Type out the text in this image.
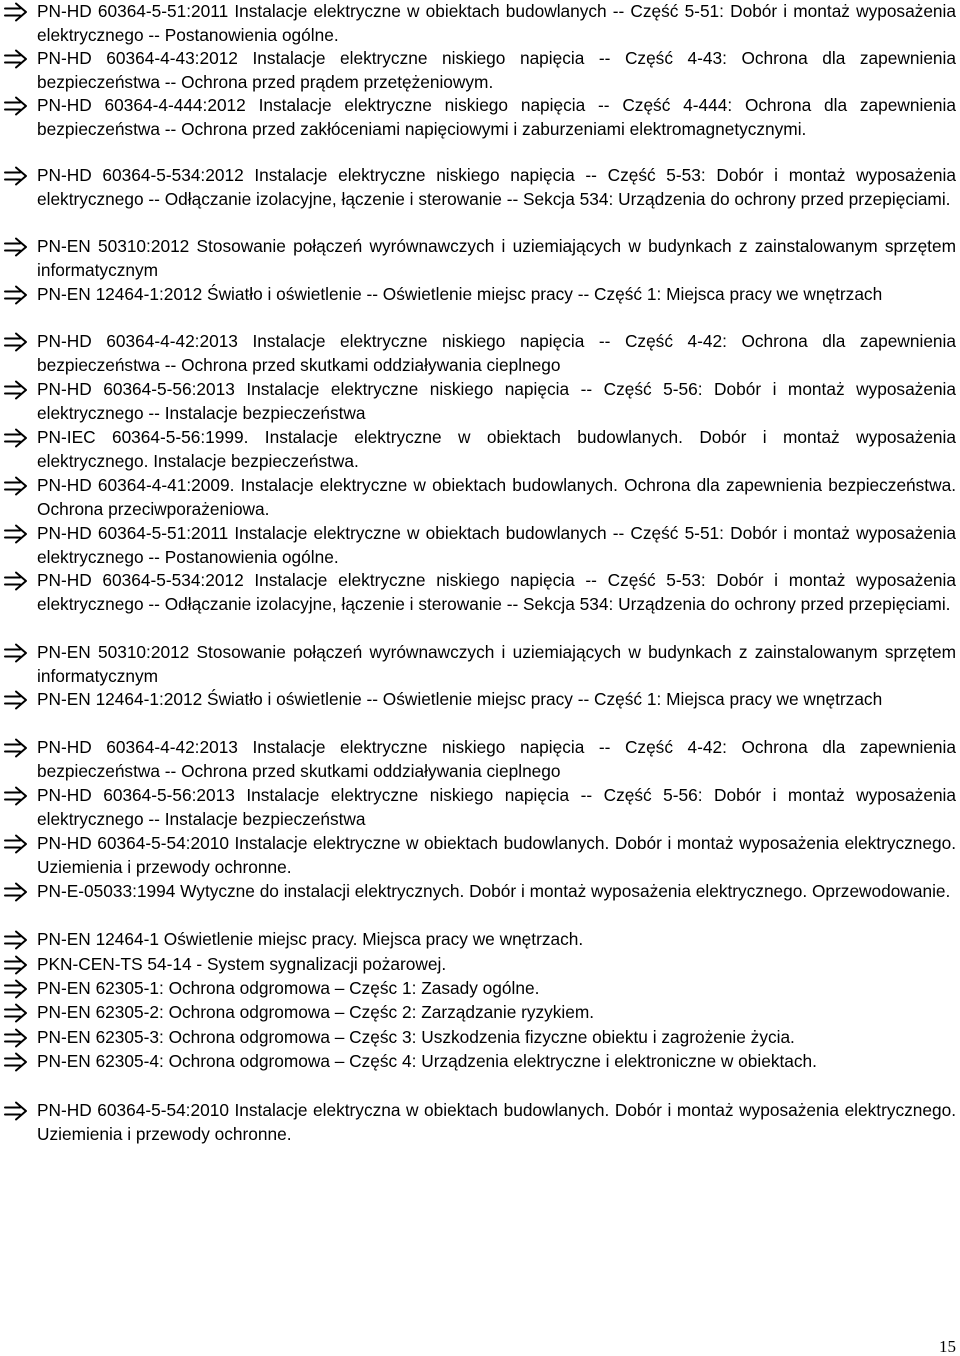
PN-HD 60364-5-51:2011 Instalacje elektryczne w obiektach budowlanych -- Część 5-51: Dobór i montaż wyposażenia elektrycznego -- Postanowienia ogólne.
PN-HD 60364-4-43:2012 Instalacje elektryczne niskiego napięcia -- Część 4-43: Ochrona dla zapewnienia bezpieczeństwa -- Ochrona przed prądem przetężeniowym.
PN-HD 60364-4-444:2012 Instalacje elektryczne niskiego napięcia -- Część 4-444: Ochrona dla zapewnienia bezpieczeństwa -- Ochrona przed zakłóceniami napięciowymi i zaburzeniami elektromagnetycznymi.
PN-HD 60364-5-534:2012 Instalacje elektryczne niskiego napięcia -- Część 5-53: Dobór i montaż wyposażenia elektrycznego -- Odłączanie izolacyjne, łączenie i sterowanie -- Sekcja 534: Urządzenia do ochrony przed przepięciami.
PN-EN 50310:2012 Stosowanie połączeń wyrównawczych i uziemiających w budynkach z zainstalowanym sprzętem informatycznym
PN-EN 12464-1:2012 Światło i oświetlenie -- Oświetlenie miejsc pracy -- Część 1: Miejsca pracy we wnętrzach
PN-HD 60364-4-42:2013 Instalacje elektryczne niskiego napięcia -- Część 4-42: Ochrona dla zapewnienia bezpieczeństwa -- Ochrona przed skutkami oddziaływania cieplnego
PN-HD 60364-5-56:2013 Instalacje elektryczne niskiego napięcia -- Część 5-56: Dobór i montaż wyposażenia elektrycznego -- Instalacje bezpieczeństwa
PN-IEC 60364-5-56:1999. Instalacje elektryczne w obiektach budowlanych. Dobór i montaż wyposażenia elektrycznego. Instalacje bezpieczeństwa.
PN-HD 60364-4-41:2009. Instalacje elektryczne w obiektach budowlanych. Ochrona dla zapewnienia bezpieczeństwa. Ochrona przeciwporażeniowa.
PN-HD 60364-5-51:2011 Instalacje elektryczne w obiektach budowlanych -- Część 5-51: Dobór i montaż wyposażenia elektrycznego -- Postanowienia ogólne.
PN-HD 60364-5-534:2012 Instalacje elektryczne niskiego napięcia -- Część 5-53: Dobór i montaż wyposażenia elektrycznego -- Odłączanie izolacyjne, łączenie i sterowanie -- Sekcja 534: Urządzenia do ochrony przed przepięciami.
PN-EN 50310:2012 Stosowanie połączeń wyrównawczych i uziemiających w budynkach z zainstalowanym sprzętem informatycznym
PN-EN 12464-1:2012 Światło i oświetlenie -- Oświetlenie miejsc pracy -- Część 1: Miejsca pracy we wnętrzach
PN-HD 60364-4-42:2013 Instalacje elektryczne niskiego napięcia -- Część 4-42: Ochrona dla zapewnienia bezpieczeństwa -- Ochrona przed skutkami oddziaływania cieplnego
PN-HD 60364-5-56:2013 Instalacje elektryczne niskiego napięcia -- Część 5-56: Dobór i montaż wyposażenia elektrycznego -- Instalacje bezpieczeństwa
PN-HD 60364-5-54:2010 Instalacje elektryczne w obiektach budowlanych. Dobór i montaż wyposażenia elektrycznego. Uziemienia i przewody ochronne.
PN-E-05033:1994 Wytyczne do instalacji elektrycznych. Dobór i montaż wyposażenia elektrycznego. Oprzewodowanie.
PN-EN 12464-1 Oświetlenie miejsc pracy. Miejsca pracy we wnętrzach.
PKN-CEN-TS 54-14 - System sygnalizacji pożarowej.
PN-EN 62305-1: Ochrona odgromowa – Częśc 1: Zasady ogólne.
PN-EN 62305-2: Ochrona odgromowa – Częśc 2: Zarządzanie ryzykiem.
PN-EN 62305-3: Ochrona odgromowa – Częśc 3: Uszkodzenia fizyczne obiektu i zagrożenie życia.
PN-EN 62305-4: Ochrona odgromowa – Częśc 4: Urządzenia elektryczne i elektroniczne w obiektach.
PN-HD 60364-5-54:2010 Instalacje elektryczna w obiektach budowlanych. Dobór i montaż wyposażenia elektrycznego. Uziemienia i przewody ochronne.
15
